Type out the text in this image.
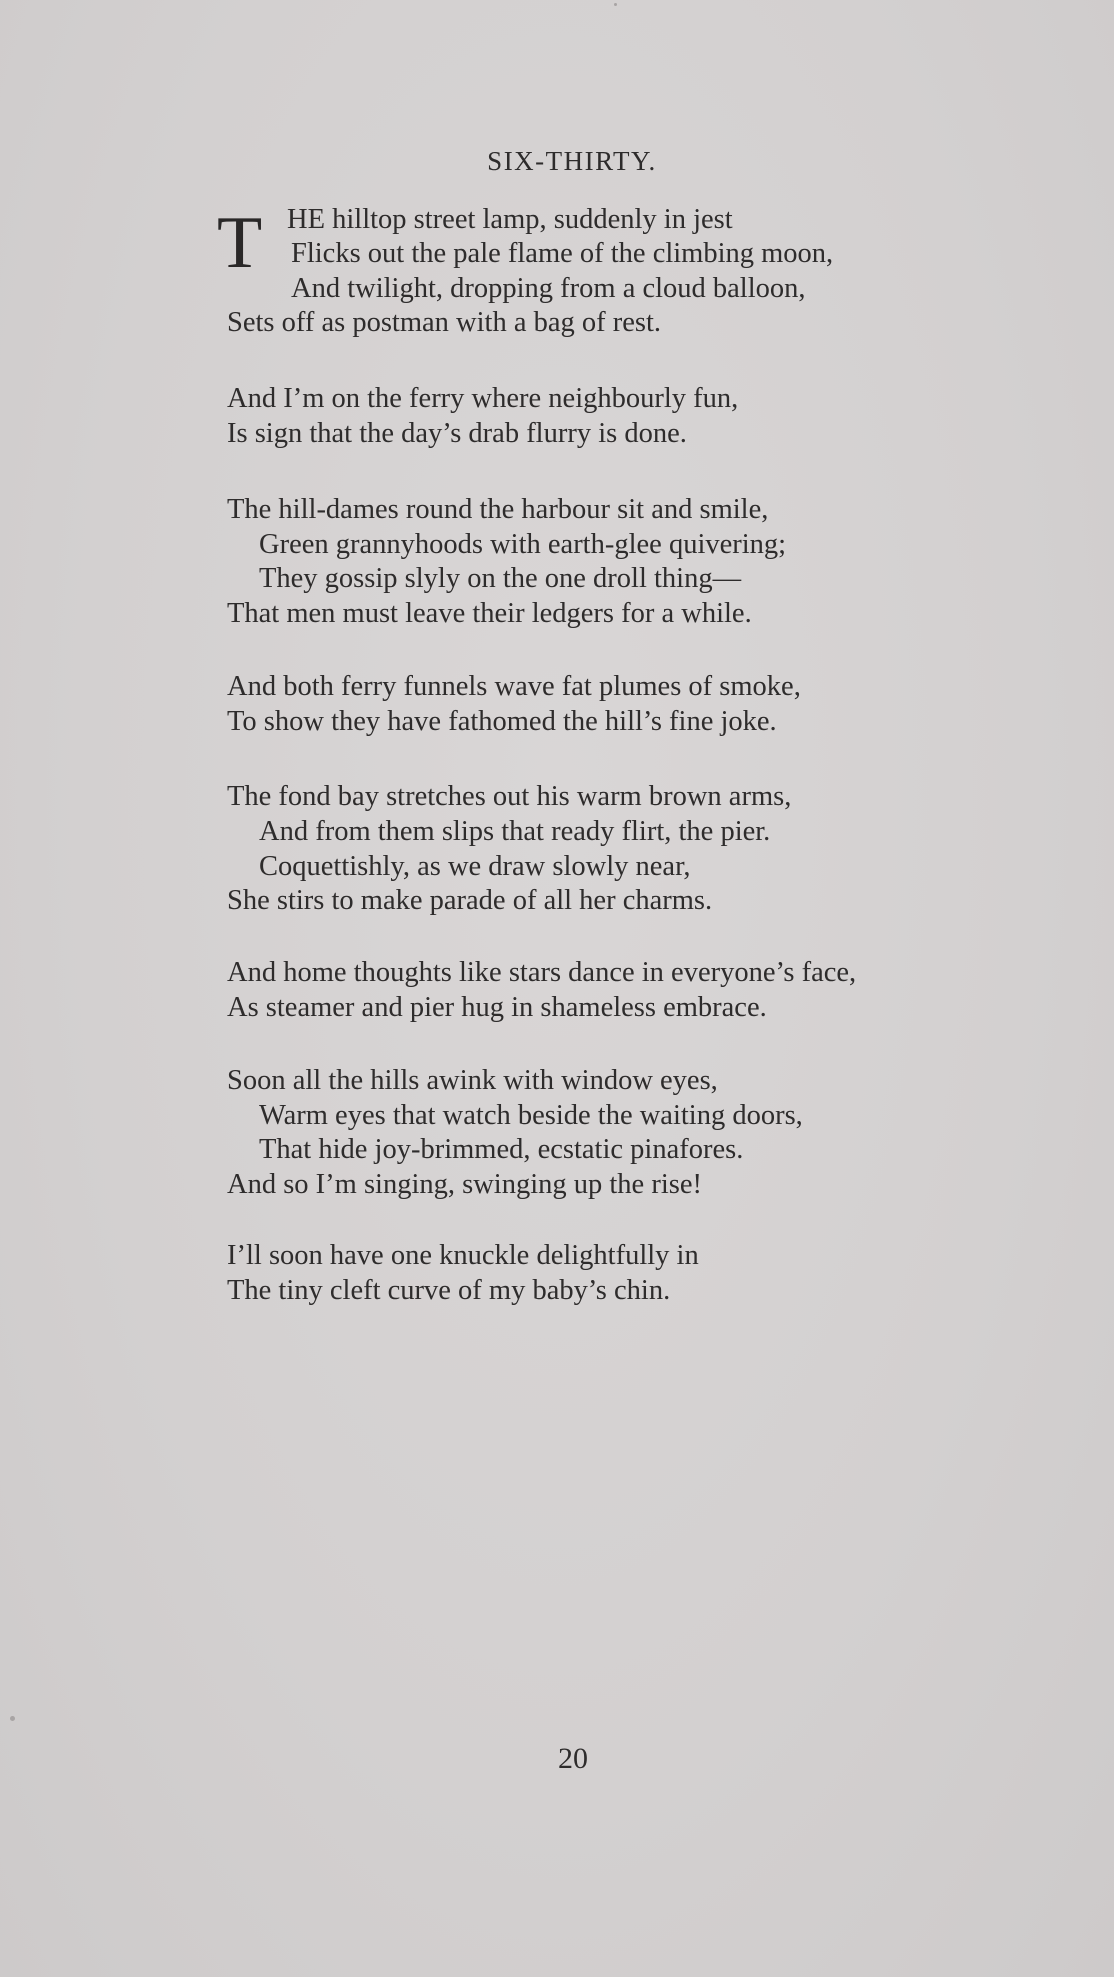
SIX-THIRTY.
T HE hilltop street lamp, suddenly in jest
Flicks out the pale flame of the climbing moon,
And twilight, dropping from a cloud balloon,
Sets off as postman with a bag of rest.
And I’m on the ferry where neighbourly fun,
Is sign that the day’s drab flurry is done.
The hill-dames round the harbour sit and smile,
Green grannyhoods with earth-glee quivering;
They gossip slyly on the one droll thing—
That men must leave their ledgers for a while.
And both ferry funnels wave fat plumes of smoke,
To show they have fathomed the hill’s fine joke.
The fond bay stretches out his warm brown arms,
And from them slips that ready flirt, the pier.
Coquettishly, as we draw slowly near,
She stirs to make parade of all her charms.
And home thoughts like stars dance in everyone’s face,
As steamer and pier hug in shameless embrace.
Soon all the hills awink with window eyes,
Warm eyes that watch beside the waiting doors,
That hide joy-brimmed, ecstatic pinafores.
And so I’m singing, swinging up the rise!
I’ll soon have one knuckle delightfully in
The tiny cleft curve of my baby’s chin.
20
